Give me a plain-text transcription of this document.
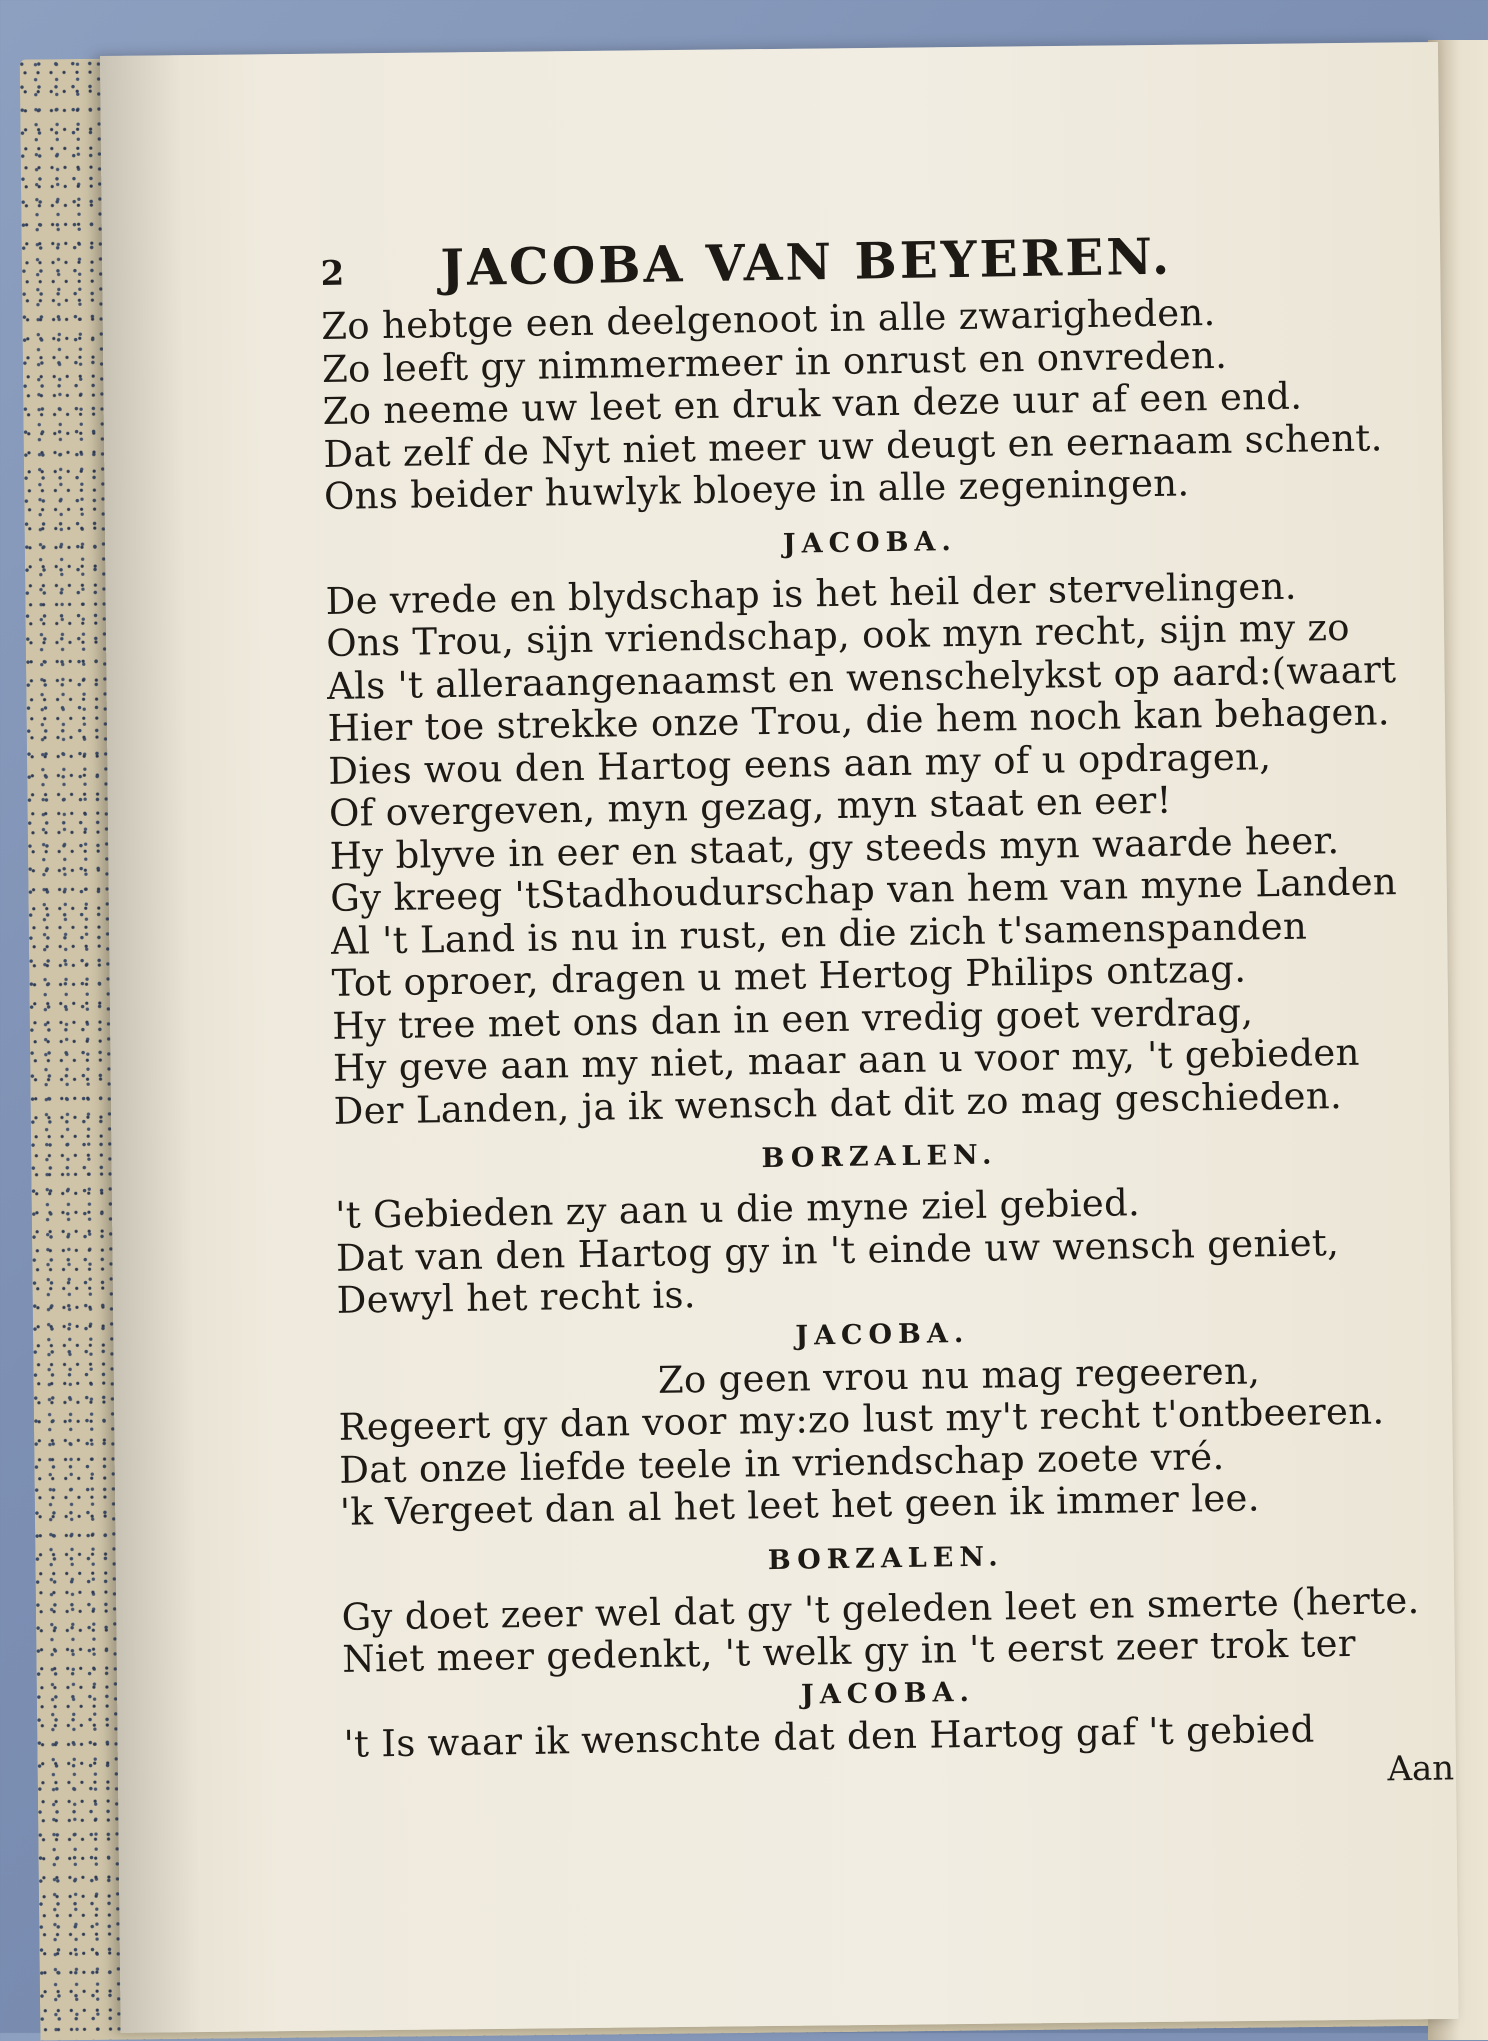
2 JACOBA VAN BEYEREN.
Zo hebtge een deelgenoot in alle zwarigheden.
Zo leeft gy nimmermeer in onrust en onvreden.
Zo neeme uw leet en druk van deze uur af een end.
Dat zelf de Nyt niet meer uw deugt en eernaam schent.
Ons beider huwlyk bloeye in alle zegeningen.
JACOBA.
De vrede en blydschap is het heil der stervelingen.
Ons Trou, sijn vriendschap, ook myn recht, sijn my zo
Als 't alleraangenaamst en wenschelykst op aard:(waart
Hier toe strekke onze Trou, die hem noch kan behagen.
Dies wou den Hartog eens aan my of u opdragen,
Of overgeven, myn gezag, myn staat en eer!
Hy blyve in eer en staat, gy steeds myn waarde heer.
Gy kreeg 'tStadhoudurschap van hem van myne Landen
Al 't Land is nu in rust, en die zich t'samenspanden
Tot oproer, dragen u met Hertog Philips ontzag.
Hy tree met ons dan in een vredig goet verdrag,
Hy geve aan my niet, maar aan u voor my, 't gebieden
Der Landen, ja ik wensch dat dit zo mag geschieden.
BORZALEN.
't Gebieden zy aan u die myne ziel gebied.
Dat van den Hartog gy in 't einde uw wensch geniet,
Dewyl het recht is.
JACOBA.
Zo geen vrou nu mag regeeren,
Regeert gy dan voor my:zo lust my't recht t'ontbeeren.
Dat onze liefde teele in vriendschap zoete vré.
'k Vergeet dan al het leet het geen ik immer lee.
BORZALEN.
Gy doet zeer wel dat gy 't geleden leet en smerte (herte.
Niet meer gedenkt, 't welk gy in 't eerst zeer trok ter
JACOBA.
't Is waar ik wenschte dat den Hartog gaf 't gebied
Aan
